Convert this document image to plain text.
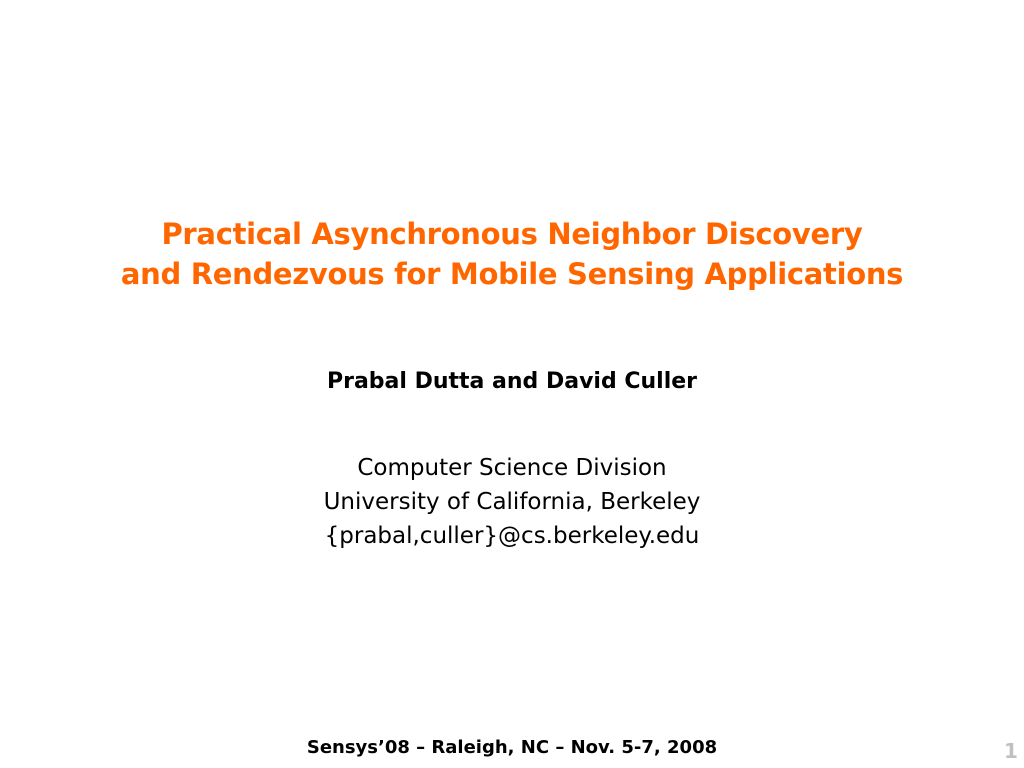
Practical Asynchronous Neighbor Discovery
and Rendezvous for Mobile Sensing Applications
Prabal Dutta and David Culler
Computer Science Division
University of California, Berkeley
{prabal,culler}@cs.berkeley.edu
Sensys’08 – Raleigh, NC – Nov. 5-7, 2008	1
